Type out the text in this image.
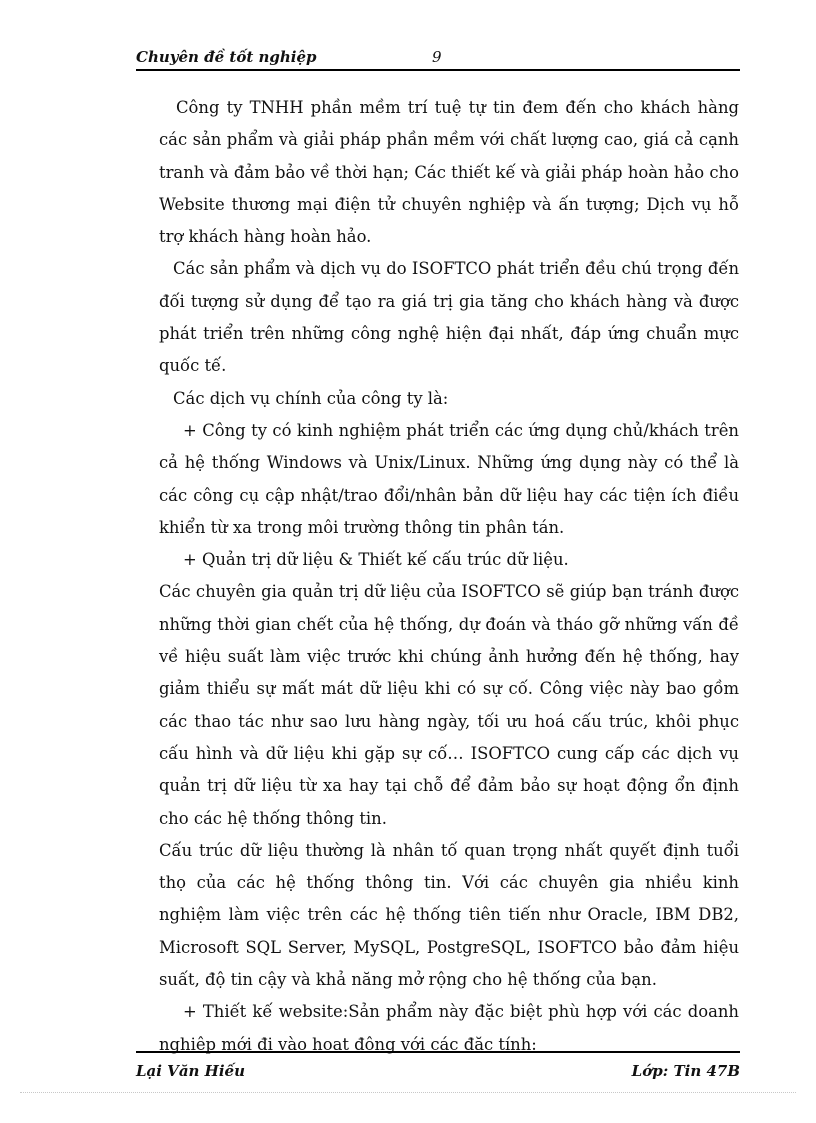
Chuyên đề tốt nghiệp	9

Công ty TNHH phần mềm trí tuệ tự tin đem đến cho khách hàng các sản phẩm và giải pháp phần mềm với chất lượng cao, giá cả cạnh tranh và đảm bảo về thời hạn; Các thiết kế và giải pháp hoàn hảo cho Website thương mại điện tử chuyên nghiệp và ấn tượng; Dịch vụ hỗ trợ khách hàng hoàn hảo.

Các sản phẩm và dịch vụ do ISOFTCO phát triển đều chú trọng đến đối tượng sử dụng để tạo ra giá trị gia tăng cho khách hàng và được phát triển trên những công nghệ hiện đại nhất, đáp ứng chuẩn mực quốc tế.

Các dịch vụ chính của công ty là:

+ Công ty có kinh nghiệm phát triển các ứng dụng chủ/khách trên cả hệ thống Windows và Unix/Linux. Những ứng dụng này có thể là các công cụ cập nhật/trao đổi/nhân bản dữ liệu hay các tiện ích điều khiển từ xa trong môi trường thông tin phân tán.

+ Quản trị dữ liệu & Thiết kế cấu trúc dữ liệu.

Các chuyên gia quản trị dữ liệu của ISOFTCO sẽ giúp bạn tránh được những thời gian chết của hệ thống, dự đoán và tháo gỡ những vấn đề về hiệu suất làm việc trước khi chúng ảnh hưởng đến hệ thống, hay giảm thiểu sự mất mát dữ liệu khi có sự cố. Công việc này bao gồm các thao tác như sao lưu hàng ngày, tối ưu hoá cấu trúc, khôi phục cấu hình và dữ liệu khi gặp sự cố… ISOFTCO cung cấp các dịch vụ quản trị dữ liệu từ xa hay tại chỗ để đảm bảo sự hoạt động ổn định cho các hệ thống thông tin.

Cấu trúc dữ liệu thường là nhân tố quan trọng nhất quyết định tuổi thọ của các hệ thống thông tin. Với các chuyên gia nhiều kinh nghiệm làm việc trên các hệ thống tiên tiến như Oracle, IBM DB2, Microsoft SQL Server, MySQL, PostgreSQL, ISOFTCO bảo đảm hiệu suất, độ tin cậy và khả năng mở rộng cho hệ thống của bạn.

+ Thiết kế website:Sản phẩm này đặc biệt phù hợp với các doanh nghiệp mới đi vào hoạt động với các đặc tính:

Lại Văn Hiếu	Lớp: Tin 47B
